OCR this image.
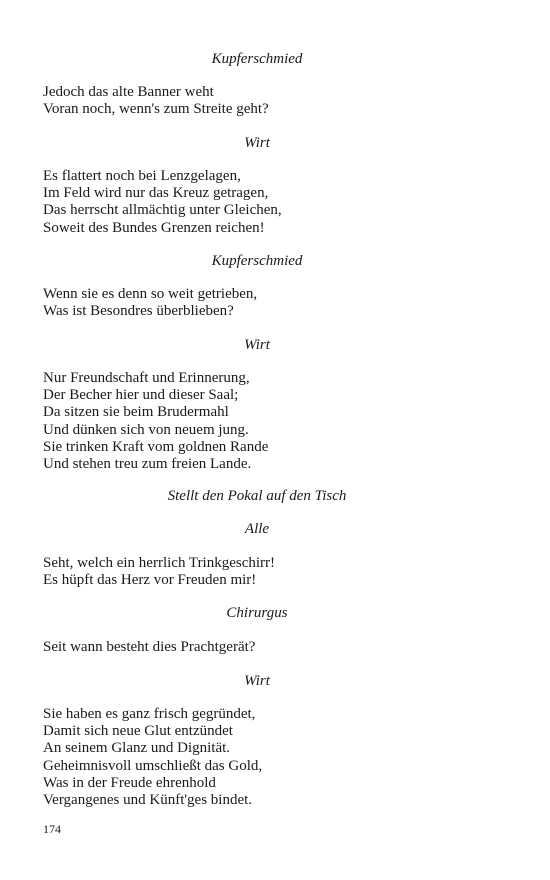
Kupferschmied
Jedoch das alte Banner weht
Voran noch, wenn's zum Streite geht?
Wirt
Es flattert noch bei Lenzgelagen,
Im Feld wird nur das Kreuz getragen,
Das herrscht allmächtig unter Gleichen,
Soweit des Bundes Grenzen reichen!
Kupferschmied
Wenn sie es denn so weit getrieben,
Was ist Besondres überblieben?
Wirt
Nur Freundschaft und Erinnerung,
Der Becher hier und dieser Saal;
Da sitzen sie beim Brudermahl
Und dünken sich von neuem jung.
Sie trinken Kraft vom goldnen Rande
Und stehen treu zum freien Lande.
Stellt den Pokal auf den Tisch
Alle
Seht, welch ein herrlich Trinkgeschirr!
Es hüpft das Herz vor Freuden mir!
Chirurgus
Seit wann besteht dies Prachtgerät?
Wirt
Sie haben es ganz frisch gegründet,
Damit sich neue Glut entzündet
An seinem Glanz und Dignität.
Geheimnisvoll umschließt das Gold,
Was in der Freude ehrenhold
Vergangenes und Künft'ges bindet.
174
